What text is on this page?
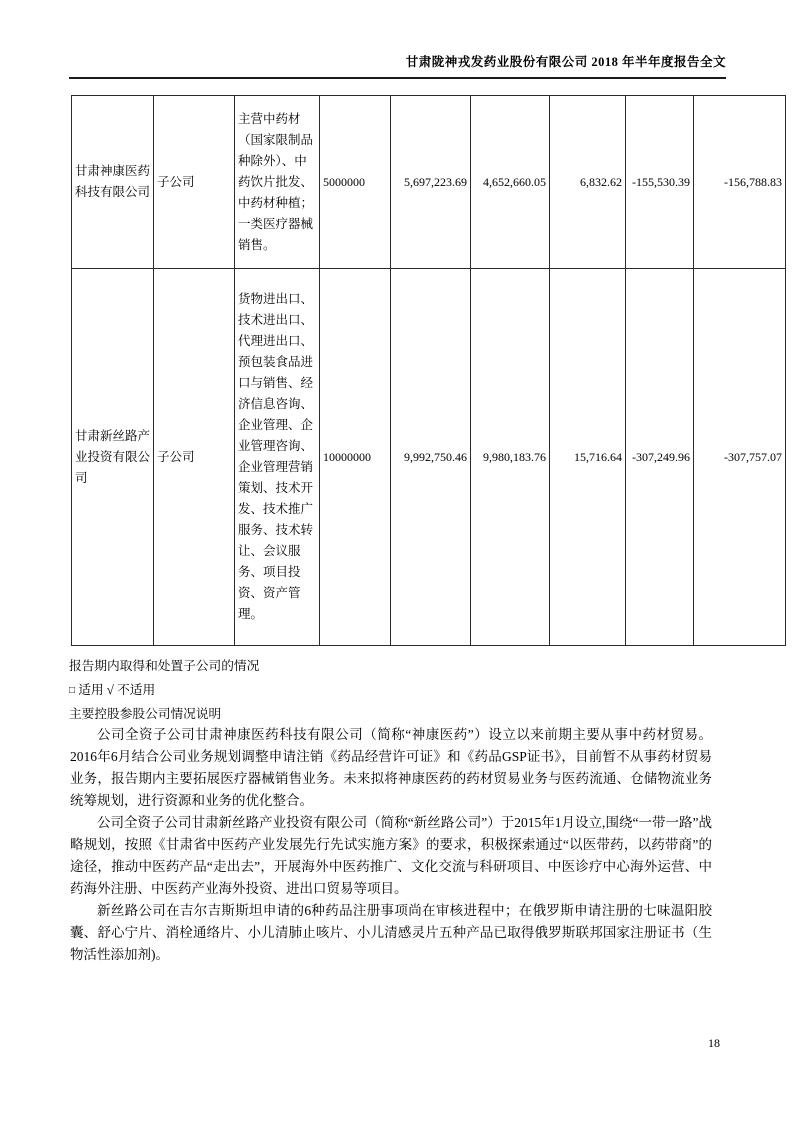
甘肃陇神戎发药业股份有限公司 2018 年半年度报告全文
甘肃神康医药科技有限公司	子公司	主营中药材（国家限制品种除外）、中药饮片批发、中药材种植；一类医疗器械销售。	5000000	5,697,223.69	4,652,660.05	6,832.62	-155,530.39	-156,788.83
甘肃新丝路产业投资有限公司	子公司	货物进出口、技术进出口、代理进出口、预包装食品进口与销售、经济信息咨询、企业管理、企业管理咨询、企业管理营销策划、技术开发、技术推广服务、技术转让、会议服务、项目投资、资产管理。	10000000	9,992,750.46	9,980,183.76	15,716.64	-307,249.96	-307,757.07
报告期内取得和处置子公司的情况
□ 适用 √ 不适用
主要控股参股公司情况说明

公司全资子公司甘肃神康医药科技有限公司（简称“神康医药”）设立以来前期主要从事中药材贸易。2016年6月结合公司业务规划调整申请注销《药品经营许可证》和《药品GSP证书》，目前暂不从事药材贸易业务，报告期内主要拓展医疗器械销售业务。未来拟将神康医药的药材贸易业务与医药流通、仓储物流业务统筹规划，进行资源和业务的优化整合。

公司全资子公司甘肃新丝路产业投资有限公司（简称“新丝路公司”）于2015年1月设立,围绕“一带一路”战略规划，按照《甘肃省中医药产业发展先行先试实施方案》的要求，积极探索通过“以医带药，以药带商”的途径，推动中医药产品“走出去”，开展海外中医药推广、文化交流与科研项目、中医诊疗中心海外运营、中药海外注册、中医药产业海外投资、进出口贸易等项目。

新丝路公司在吉尔吉斯斯坦申请的6种药品注册事项尚在审核进程中；在俄罗斯申请注册的七味温阳胶囊、舒心宁片、消栓通络片、小儿清肺止咳片、小儿清感灵片五种产品已取得俄罗斯联邦国家注册证书（生物活性添加剂)。

18
